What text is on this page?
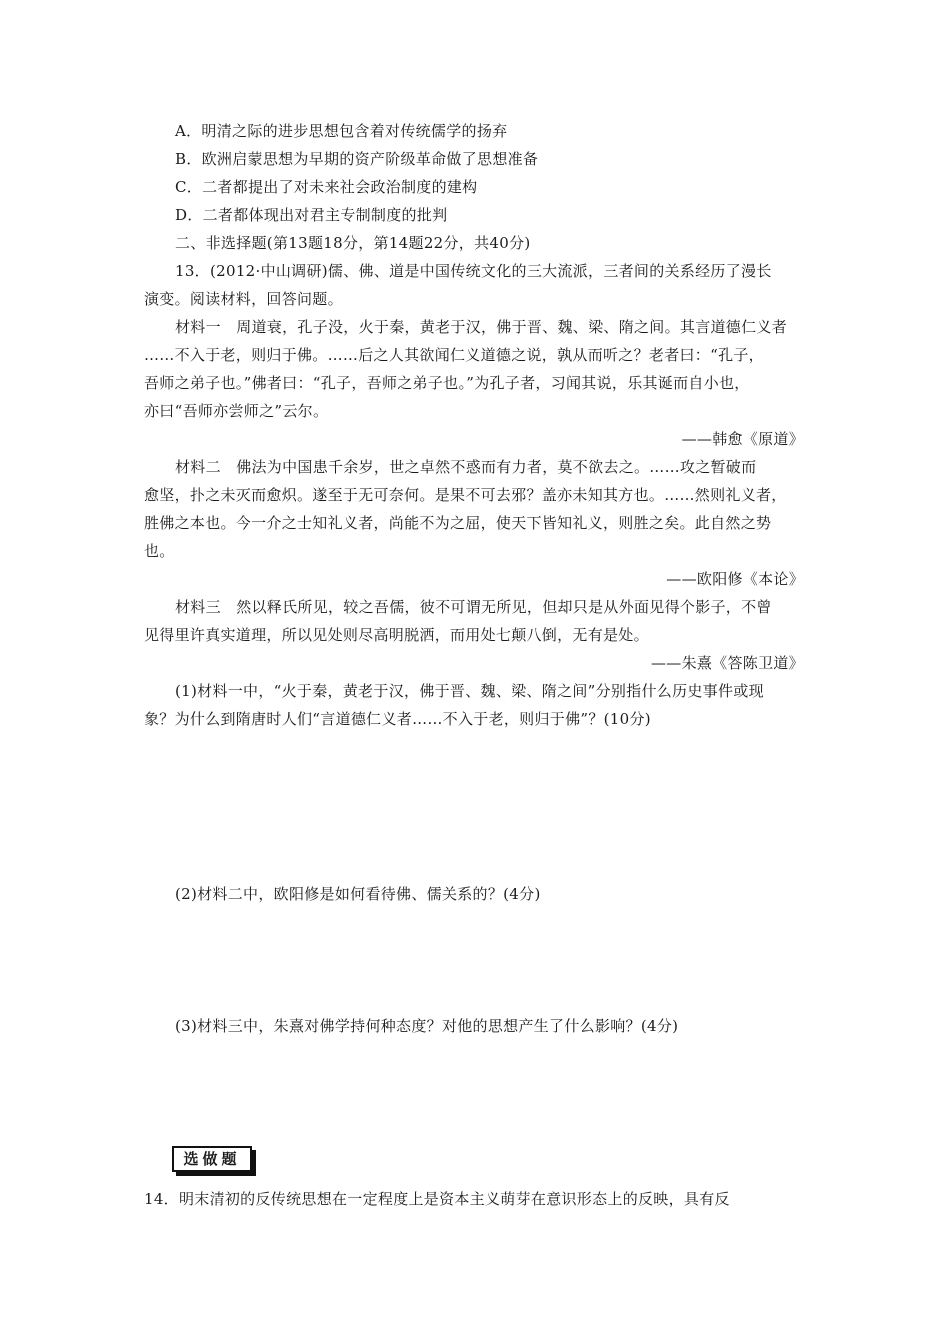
A．明清之际的进步思想包含着对传统儒学的扬弃
B．欧洲启蒙思想为早期的资产阶级革命做了思想准备
C．二者都提出了对未来社会政治制度的建构
D．二者都体现出对君主专制制度的批判
二、非选择题(第13题18分，第14题22分，共40分)
13．(2012·中山调研)儒、佛、道是中国传统文化的三大流派，三者间的关系经历了漫长
演变。阅读材料，回答问题。
材料一　周道衰，孔子没，火于秦，黄老于汉，佛于晋、魏、梁、隋之间。其言道德仁义者
……不入于老，则归于佛。……后之人其欲闻仁义道德之说，孰从而听之？老者曰：“孔子，
吾师之弟子也。”佛者曰：“孔子，吾师之弟子也。”为孔子者，习闻其说，乐其诞而自小也，
亦曰“吾师亦尝师之”云尔。
——韩愈《原道》
材料二　佛法为中国患千余岁，世之卓然不惑而有力者，莫不欲去之。……攻之暂破而
愈坚，扑之未灭而愈炽。遂至于无可奈何。是果不可去邪？盖亦未知其方也。……然则礼义者，
胜佛之本也。今一介之士知礼义者，尚能不为之屈，使天下皆知礼义，则胜之矣。此自然之势
也。
——欧阳修《本论》
材料三　然以释氏所见，较之吾儒，彼不可谓无所见，但却只是从外面见得个影子，不曾
见得里许真实道理，所以见处则尽高明脱洒，而用处七颠八倒，无有是处。
——朱熹《答陈卫道》
(1)材料一中，“火于秦，黄老于汉，佛于晋、魏、梁、隋之间”分别指什么历史事件或现
象？为什么到隋唐时人们“言道德仁义者……不入于老，则归于佛”？(10分)
(2)材料二中，欧阳修是如何看待佛、儒关系的？(4分)
(3)材料三中，朱熹对佛学持何种态度？对他的思想产生了什么影响？(4分)
选做题
14．明末清初的反传统思想在一定程度上是资本主义萌芽在意识形态上的反映，具有反
